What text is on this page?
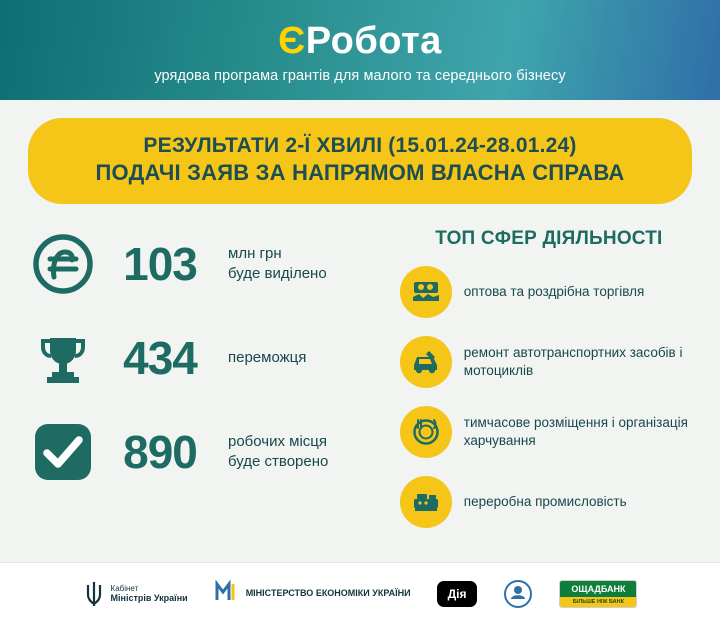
ЄРобота
урядова програма грантів для малого та середнього бізнесу
РЕЗУЛЬТАТИ 2-Ї ХВИЛІ (15.01.24-28.01.24)
ПОДАЧІ ЗАЯВ ЗА НАПРЯМОМ ВЛАСНА СПРАВА
103	млн грн
буде виділено
434	переможця
890	робочих місця
буде створено
ТОП СФЕР ДІЯЛЬНОСТІ
оптова та роздрібна торгівля
ремонт автотранспортних засобів і мотоциклів
тимчасове розміщення і організація харчування
переробна промисловість
Кабінет
Міністрів України	МІНІСТЕРСТВО ЕКОНОМІКИ УКРАЇНИ	Дiя	ОЩАДБАНК
БІЛЬШЕ НІЖ БАНК
